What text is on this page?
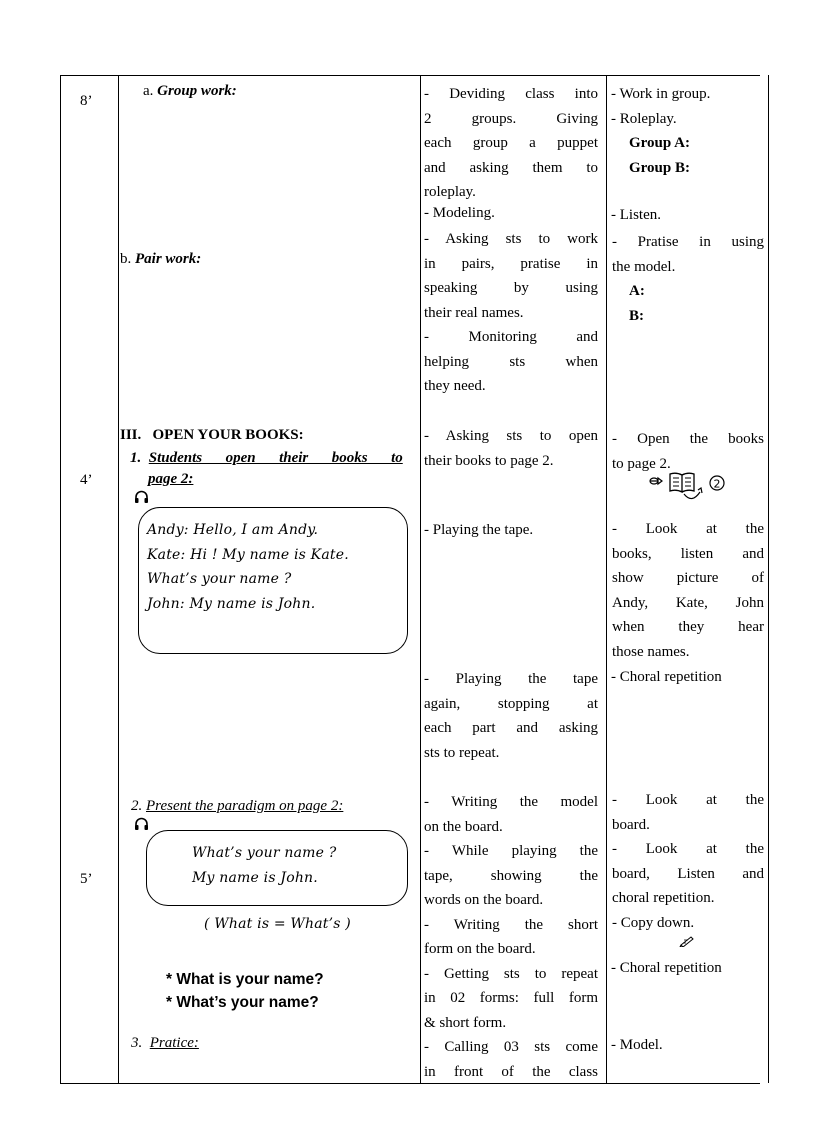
8’
4’
5’
a. Group work:
b. Pair work:
III. OPEN YOUR BOOKS:
1. Students open their books to
page 2:
Andy: Hello, I am Andy.
Kate: Hi ! My name is Kate.
What’s your name ?
John: My name is John.
2. Present the paradigm on page 2:
What’s your name ?
My name is John.
( What is = What’s )
* What is your name?
* What’s your name?
3. Pratice:
- Deviding class into
2 groups. Giving
each group a puppet
and asking them to
roleplay.
- Modeling.
- Asking sts to work
in pairs, pratise in
speaking by using
their real names.
- Monitoring and
helping sts when
they need.
- Asking sts to open
their books to page 2.
- Playing the tape.
- Playing the tape
again, stopping at
each part and asking
sts to repeat.
- Writing the model
on the board.
- While playing the
tape, showing the
words on the board.
- Writing the short
form on the board.
- Getting sts to repeat
in 02 forms: full form
& short form.
- Calling 03 sts come
in front of the class
- Work in group.
- Roleplay.
Group A:
Group B:
- Listen.
- Pratise in using
the model.
A:
B:
- Open the books
to page 2.
2
- Look at the
books, listen and
show picture of
Andy, Kate, John
when they hear
those names.
- Choral repetition
- Look at the
board.
- Look at the
board, Listen and
choral repetition.
- Copy down.
- Choral repetition
- Model.
